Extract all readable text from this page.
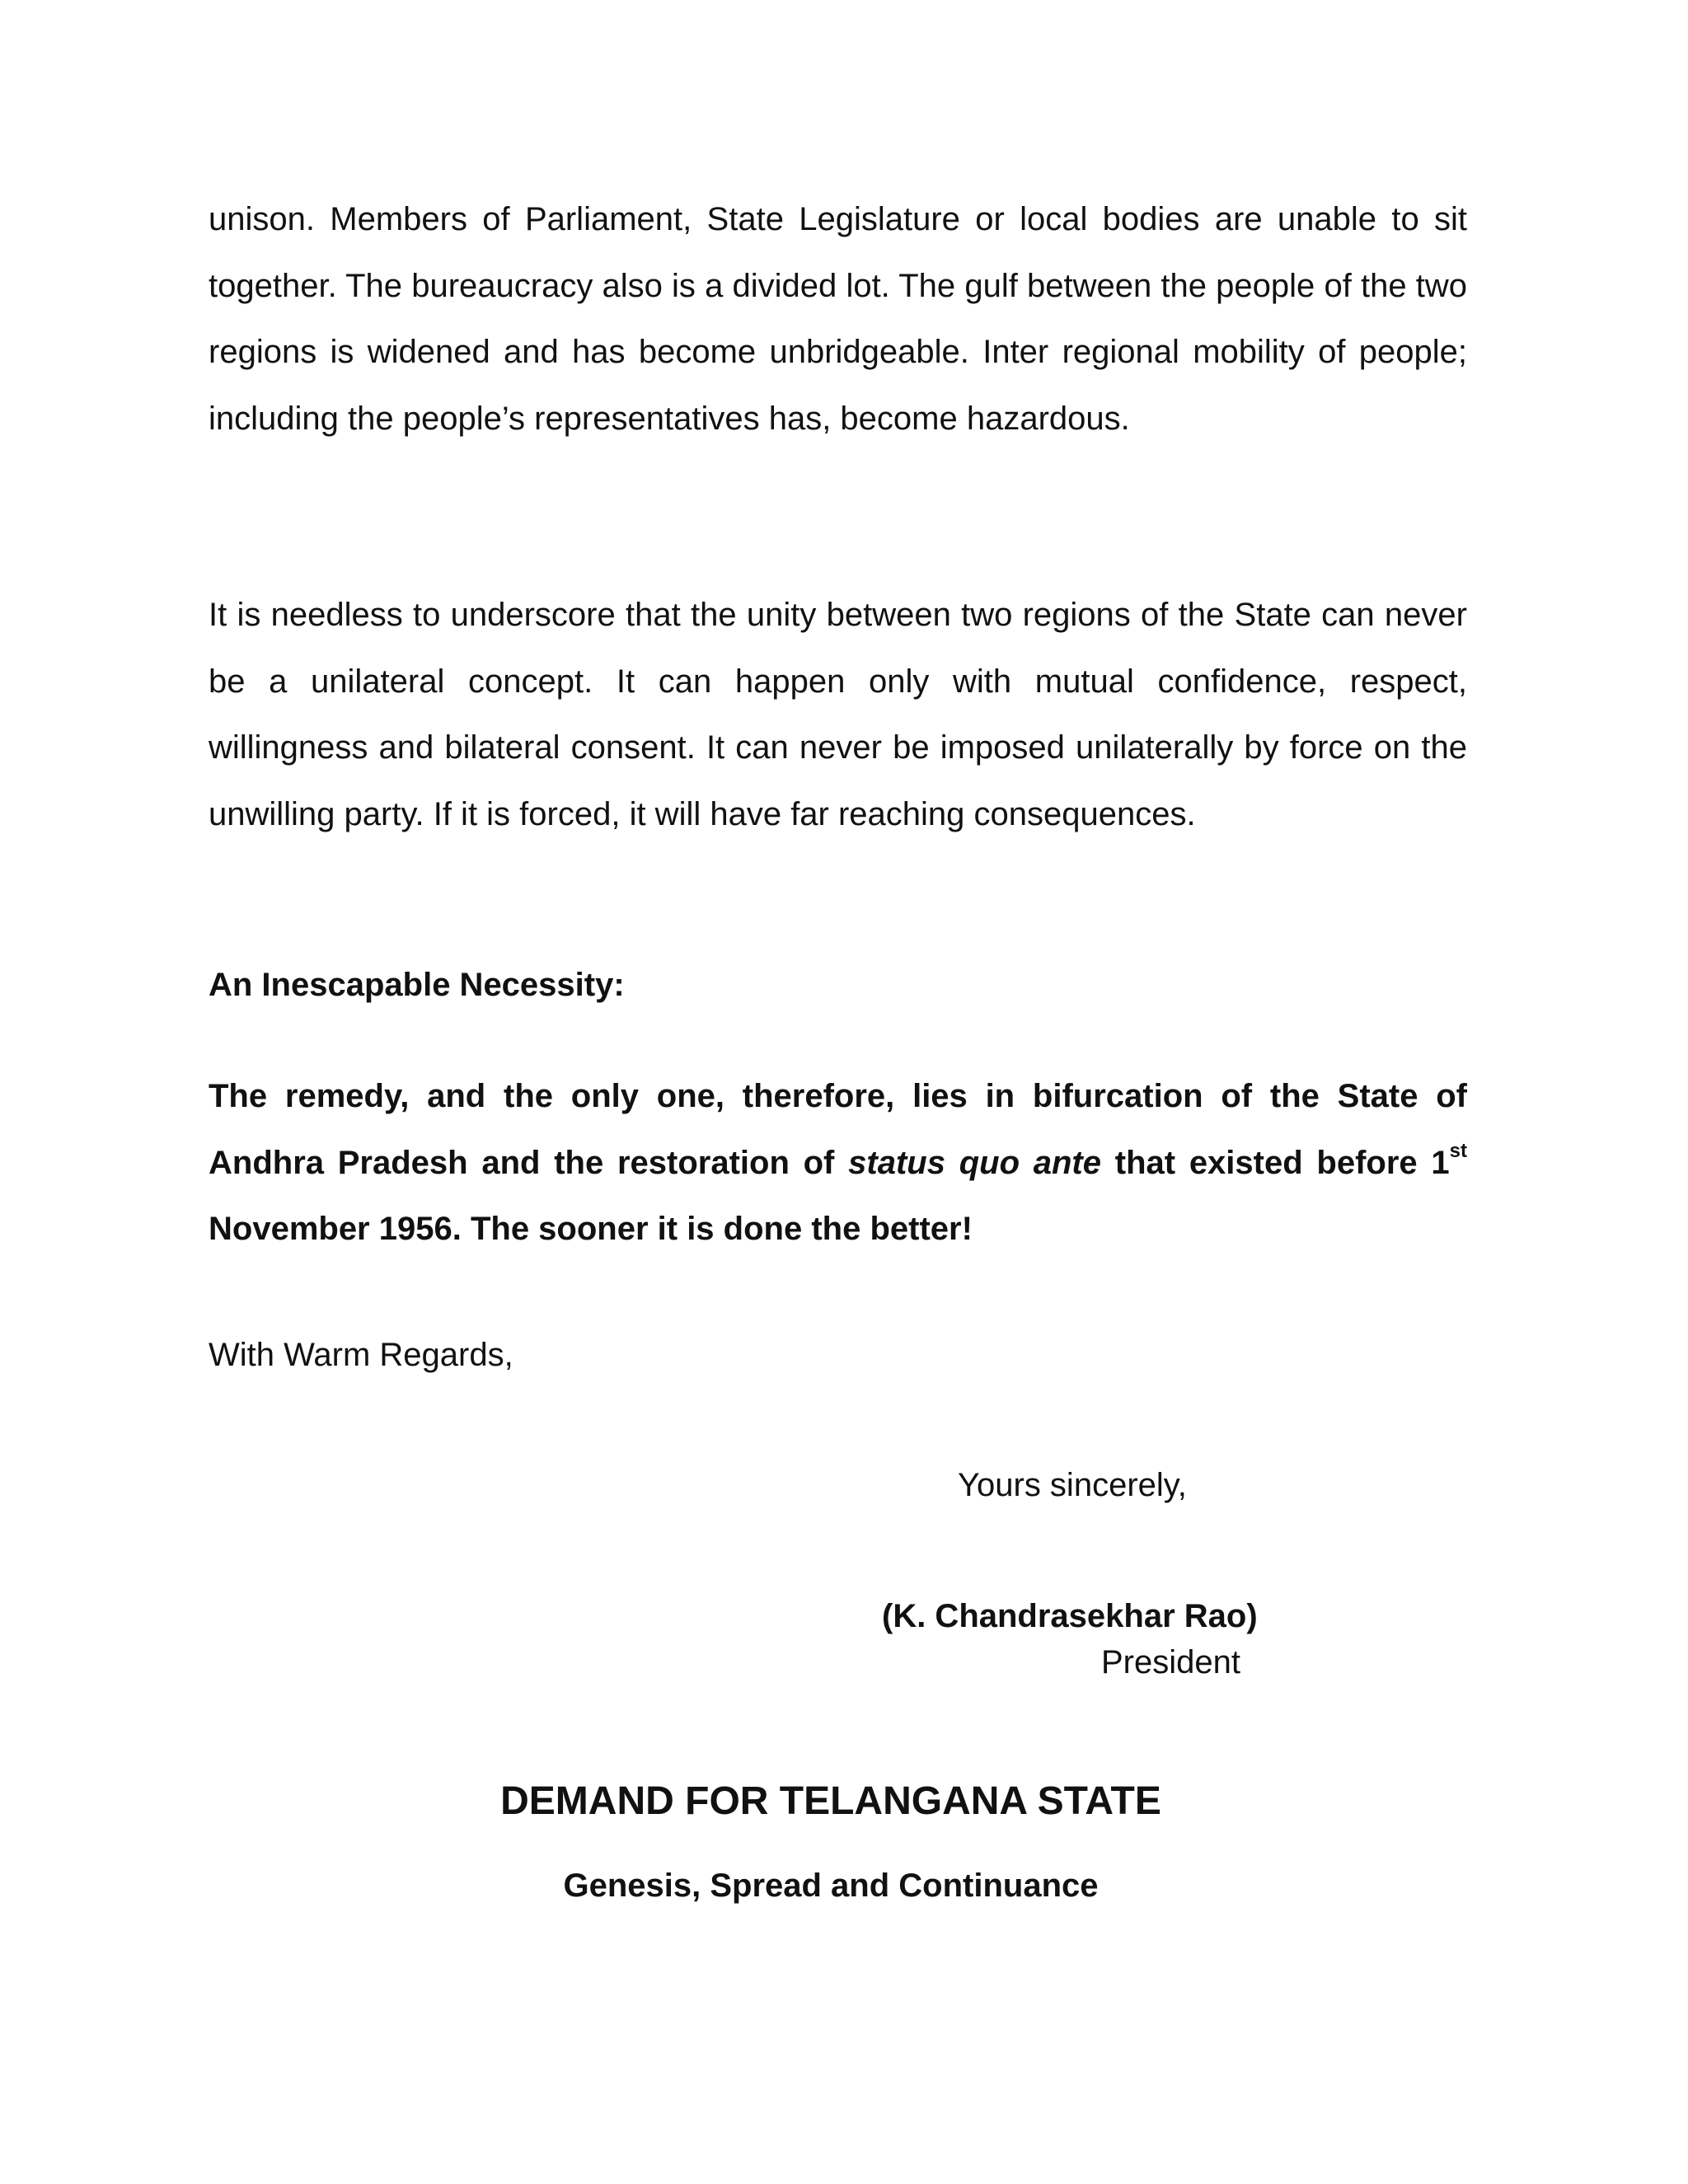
unison. Members of Parliament, State Legislature or local bodies are unable to sit together. The bureaucracy also is a divided lot. The gulf between the people of the two regions is widened and has become unbridgeable. Inter regional mobility of people; including the people’s representatives has, become hazardous.

It is needless to underscore that the unity between two regions of the State can never be a unilateral concept. It can happen only with mutual confidence, respect, willingness and bilateral consent. It can never be imposed unilaterally by force on the unwilling party. If it is forced, it will have far reaching consequences.

An Inescapable Necessity:

The remedy, and the only one, therefore, lies in bifurcation of the State of Andhra Pradesh and the restoration of status quo ante that existed before 1st November 1956. The sooner it is done the better!

With Warm Regards,

Yours sincerely,

(K. Chandrasekhar Rao)

President

DEMAND FOR TELANGANA STATE
Genesis, Spread and Continuance
